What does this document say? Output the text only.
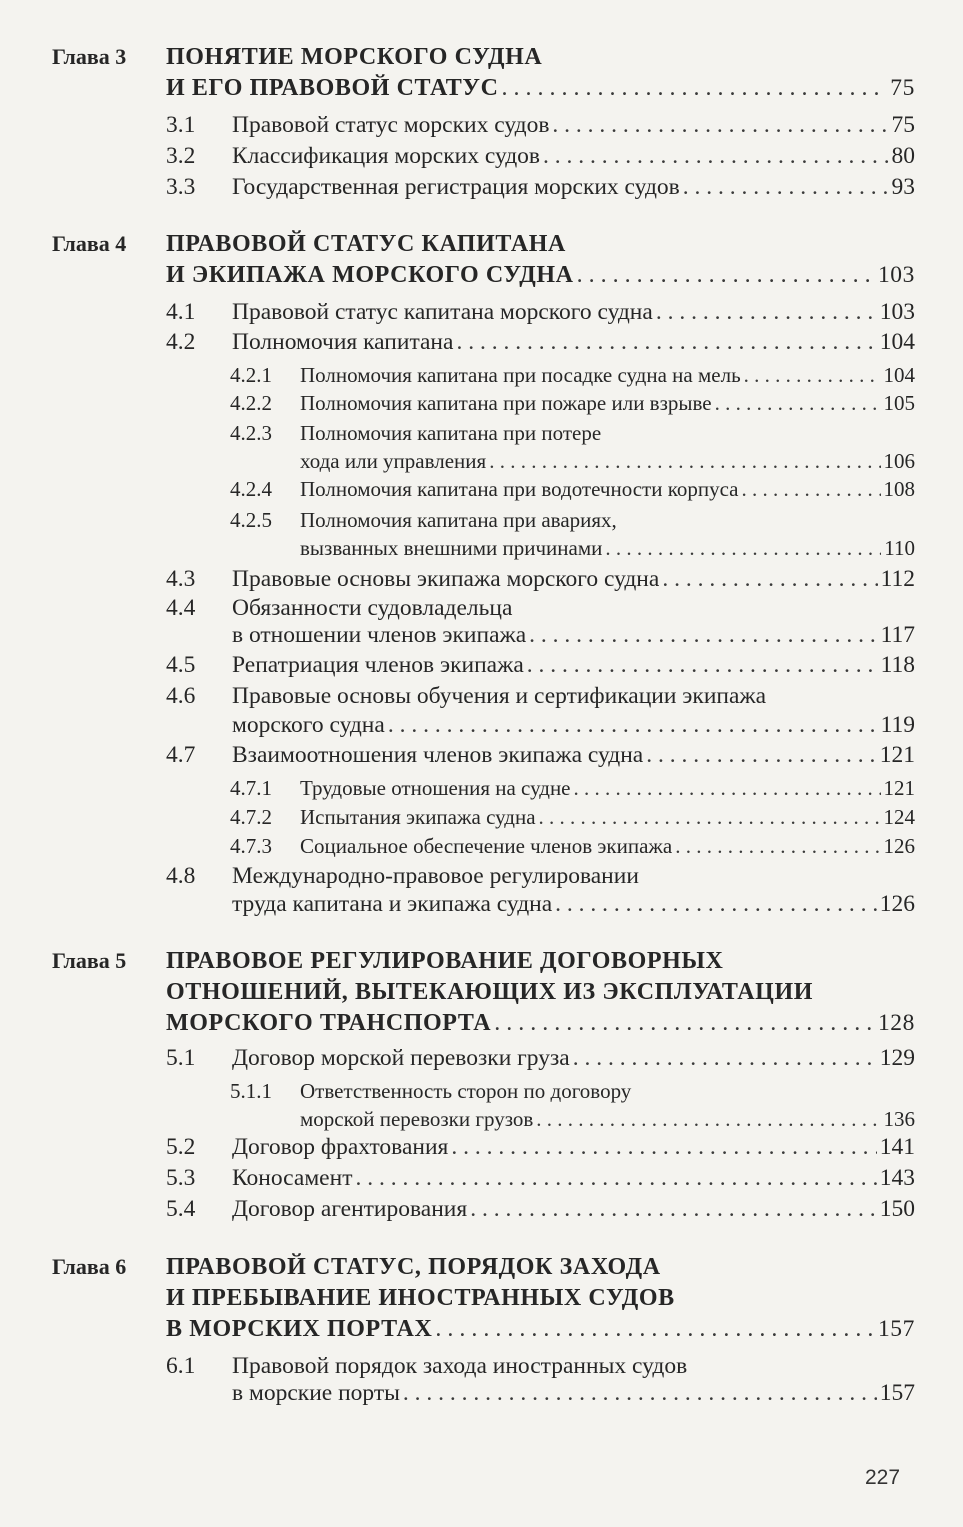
Глава 3 ПОНЯТИЕ МОРСКОГО СУДНА
И ЕГО ПРАВОВОЙ СТАТУС . . .	75
3.1 Правовой статус морских судов . . .	75
3.2 Классификация морских судов . . .	80
3.3 Государственная регистрация морских судов . . .	93
Глава 4 ПРАВОВОЙ СТАТУС КАПИТАНА
И ЭКИПАЖА МОРСКОГО СУДНА . . .	103
4.1 Правовой статус капитана морского судна . . .	103
4.2 Полномочия капитана . . .	104
4.2.1 Полномочия капитана при посадке судна на мель . . .	104
4.2.2 Полномочия капитана при пожаре или взрыве . . .	105
4.2.3 Полномочия капитана при потере
хода или управления . . .	106
4.2.4 Полномочия капитана при водотечности корпуса . . .	108
4.2.5 Полномочия капитана при авариях,
вызванных внешними причинами . . .	110
4.3 Правовые основы экипажа морского судна . . .	112
4.4 Обязанности судовладельца
в отношении членов экипажа . . .	117
4.5 Репатриация членов экипажа . . .	118
4.6 Правовые основы обучения и сертификации экипажа
морского судна . . .	119
4.7 Взаимоотношения членов экипажа судна . . .	121
4.7.1 Трудовые отношения на судне . . .	121
4.7.2 Испытания экипажа судна . . .	124
4.7.3 Социальное обеспечение членов экипажа . . .	126
4.8 Международно-правовое регулировании
труда капитана и экипажа судна . . .	126
Глава 5 ПРАВОВОЕ РЕГУЛИРОВАНИЕ ДОГОВОРНЫХ
ОТНОШЕНИЙ, ВЫТЕКАЮЩИХ ИЗ ЭКСПЛУАТАЦИИ
МОРСКОГО ТРАНСПОРТА . . .	128
5.1 Договор морской перевозки груза . . .	129
5.1.1 Ответственность сторон по договору
морской перевозки грузов . . .	136
5.2 Договор фрахтования . . .	141
5.3 Коносамент . . .	143
5.4 Договор агентирования . . .	150
Глава 6 ПРАВОВОЙ СТАТУС, ПОРЯДОК ЗАХОДА
И ПРЕБЫВАНИЕ ИНОСТРАННЫХ СУДОВ
В МОРСКИХ ПОРТАХ . . .	157
6.1 Правовой порядок захода иностранных судов
в морские порты . . .	157
227
